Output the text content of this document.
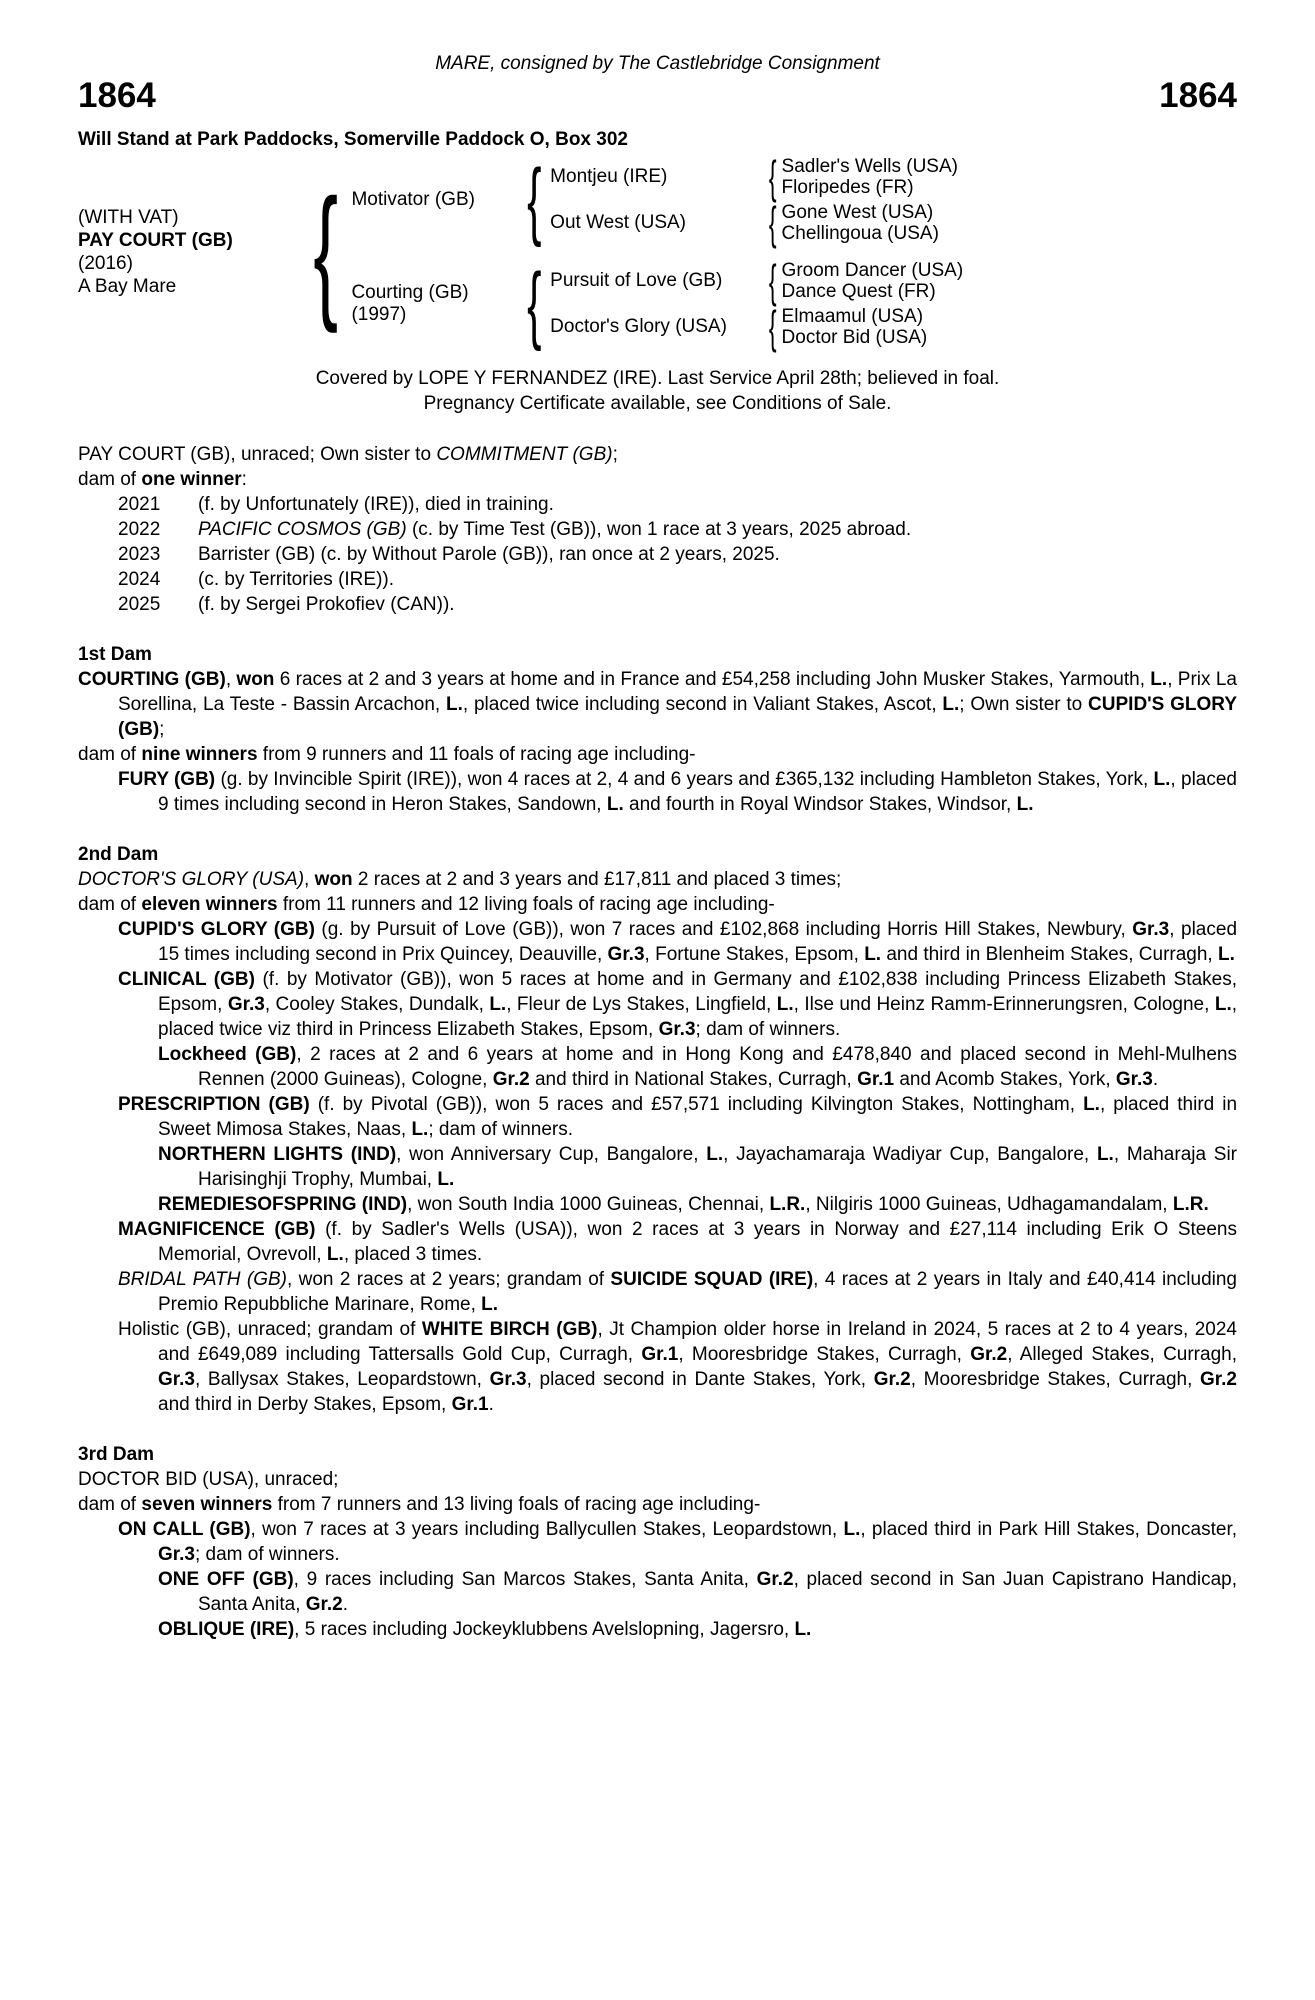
MARE, consigned by The Castlebridge Consignment
1864	1864
Will Stand at Park Paddocks, Somerville Paddock O, Box 302
(WITH VAT)
PAY COURT (GB)
(2016)
A Bay Mare { Motivator (GB) { Montjeu (IRE)	{ Sadler's Wells (USA)
Floripedes (FR)
Out West (USA)	{ Gone West (USA)
Chellingoua (USA)
Courting (GB)
(1997)	{ Pursuit of Love (GB)	{ Groom Dancer (USA)
Dance Quest (FR)
Doctor's Glory (USA) { Elmaamul (USA)
Doctor Bid (USA)
Covered by LOPE Y FERNANDEZ (IRE). Last Service April 28th; believed in foal.
Pregnancy Certificate available, see Conditions of Sale.
PAY COURT (GB), unraced; Own sister to COMMITMENT (GB);
dam of one winner:
2021	(f. by Unfortunately (IRE)), died in training.
2022	PACIFIC COSMOS (GB) (c. by Time Test (GB)), won 1 race at 3 years, 2025 abroad.
2023	Barrister (GB) (c. by Without Parole (GB)), ran once at 2 years, 2025.
2024	(c. by Territories (IRE)).
2025	(f. by Sergei Prokofiev (CAN)).
1st Dam
COURTING (GB), won 6 races at 2 and 3 years at home and in France and £54,258 including John Musker Stakes, Yarmouth, L., Prix La Sorellina, La Teste - Bassin Arcachon, L., placed twice including second in Valiant Stakes, Ascot, L.; Own sister to CUPID'S GLORY (GB);
dam of nine winners from 9 runners and 11 foals of racing age including-
FURY (GB) (g. by Invincible Spirit (IRE)), won 4 races at 2, 4 and 6 years and £365,132 including Hambleton Stakes, York, L., placed 9 times including second in Heron Stakes, Sandown, L. and fourth in Royal Windsor Stakes, Windsor, L.
2nd Dam
DOCTOR'S GLORY (USA), won 2 races at 2 and 3 years and £17,811 and placed 3 times;
dam of eleven winners from 11 runners and 12 living foals of racing age including-
CUPID'S GLORY (GB) (g. by Pursuit of Love (GB)), won 7 races and £102,868 including Horris Hill Stakes, Newbury, Gr.3, placed 15 times including second in Prix Quincey, Deauville, Gr.3, Fortune Stakes, Epsom, L. and third in Blenheim Stakes, Curragh, L.
CLINICAL (GB) (f. by Motivator (GB)), won 5 races at home and in Germany and £102,838 including Princess Elizabeth Stakes, Epsom, Gr.3, Cooley Stakes, Dundalk, L., Fleur de Lys Stakes, Lingfield, L., Ilse und Heinz Ramm-Erinnerungsren, Cologne, L., placed twice viz third in Princess Elizabeth Stakes, Epsom, Gr.3; dam of winners.
Lockheed (GB), 2 races at 2 and 6 years at home and in Hong Kong and £478,840 and placed second in Mehl-Mulhens Rennen (2000 Guineas), Cologne, Gr.2 and third in National Stakes, Curragh, Gr.1 and Acomb Stakes, York, Gr.3.
PRESCRIPTION (GB) (f. by Pivotal (GB)), won 5 races and £57,571 including Kilvington Stakes, Nottingham, L., placed third in Sweet Mimosa Stakes, Naas, L.; dam of winners.
NORTHERN LIGHTS (IND), won Anniversary Cup, Bangalore, L., Jayachamaraja Wadiyar Cup, Bangalore, L., Maharaja Sir Harisinghji Trophy, Mumbai, L.
REMEDIESOFSPRING (IND), won South India 1000 Guineas, Chennai, L.R., Nilgiris 1000 Guineas, Udhagamandalam, L.R.
MAGNIFICENCE (GB) (f. by Sadler's Wells (USA)), won 2 races at 3 years in Norway and £27,114 including Erik O Steens Memorial, Ovrevoll, L., placed 3 times.
BRIDAL PATH (GB), won 2 races at 2 years; grandam of SUICIDE SQUAD (IRE), 4 races at 2 years in Italy and £40,414 including Premio Repubbliche Marinare, Rome, L.
Holistic (GB), unraced; grandam of WHITE BIRCH (GB), Jt Champion older horse in Ireland in 2024, 5 races at 2 to 4 years, 2024 and £649,089 including Tattersalls Gold Cup, Curragh, Gr.1, Mooresbridge Stakes, Curragh, Gr.2, Alleged Stakes, Curragh, Gr.3, Ballysax Stakes, Leopardstown, Gr.3, placed second in Dante Stakes, York, Gr.2, Mooresbridge Stakes, Curragh, Gr.2 and third in Derby Stakes, Epsom, Gr.1.
3rd Dam
DOCTOR BID (USA), unraced;
dam of seven winners from 7 runners and 13 living foals of racing age including-
ON CALL (GB), won 7 races at 3 years including Ballycullen Stakes, Leopardstown, L., placed third in Park Hill Stakes, Doncaster, Gr.3; dam of winners.
ONE OFF (GB), 9 races including San Marcos Stakes, Santa Anita, Gr.2, placed second in San Juan Capistrano Handicap, Santa Anita, Gr.2.
OBLIQUE (IRE), 5 races including Jockeyklubbens Avelslopning, Jagersro, L.
